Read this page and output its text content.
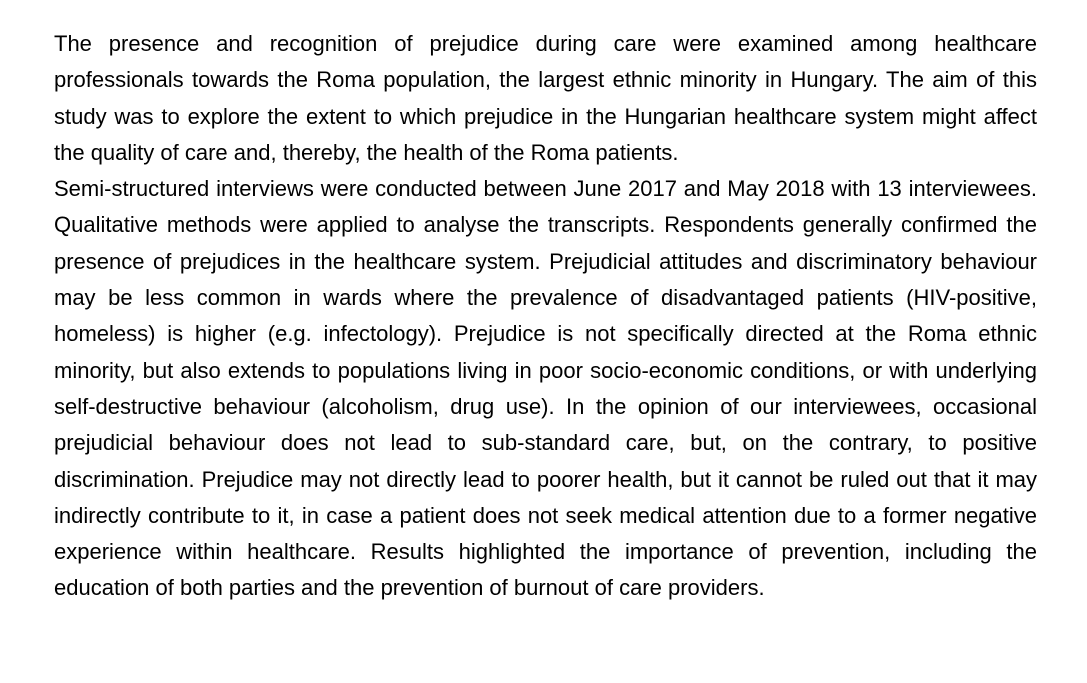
The presence and recognition of prejudice during care were examined among healthcare professionals towards the Roma population, the largest ethnic minority in Hungary. The aim of this study was to explore the extent to which prejudice in the Hungarian healthcare system might affect the quality of care and, thereby, the health of the Roma patients.

Semi-structured interviews were conducted between June 2017 and May 2018 with 13 interviewees. Qualitative methods were applied to analyse the transcripts. Respondents generally confirmed the presence of prejudices in the healthcare system. Prejudicial attitudes and discriminatory behaviour may be less common in wards where the prevalence of disadvantaged patients (HIV-positive, homeless) is higher (e.g. infectology). Prejudice is not specifically directed at the Roma ethnic minority, but also extends to populations living in poor socio-economic conditions, or with underlying self-destructive behaviour (alcoholism, drug use). In the opinion of our interviewees, occasional prejudicial behaviour does not lead to sub-standard care, but, on the contrary, to positive discrimination. Prejudice may not directly lead to poorer health, but it cannot be ruled out that it may indirectly contribute to it, in case a patient does not seek medical attention due to a former negative experience within healthcare. Results highlighted the importance of prevention, including the education of both parties and the prevention of burnout of care providers.
